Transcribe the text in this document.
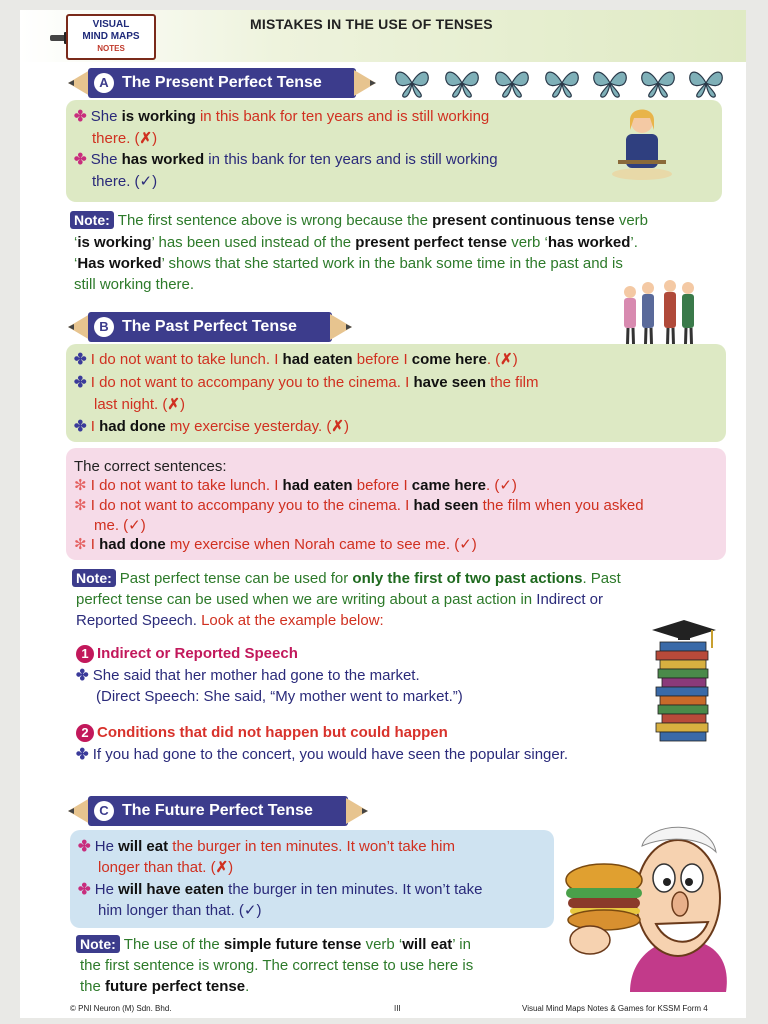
VISUAL
MIND MAPS
NOTES
MISTAKES IN THE USE OF TENSES
A The Present Perfect Tense
✤ She is working in this bank for ten years and is still working
there. (✗)
✤ She has worked in this bank for ten years and is still working
there. (✓)
Note: The first sentence above is wrong because the present continuous tense verb
‘is working’ has been used instead of the present perfect tense verb ‘has worked’.
‘Has worked’ shows that she started work in the bank some time in the past and is
still working there.
B The Past Perfect Tense
✤ I do not want to take lunch. I had eaten before I come here. (✗)
✤ I do not want to accompany you to the cinema. I have seen the film
last night. (✗)
✤ I had done my exercise yesterday. (✗)
The correct sentences:
✻ I do not want to take lunch. I had eaten before I came here. (✓)
✻ I do not want to accompany you to the cinema. I had seen the film when you asked
me. (✓)
✻ I had done my exercise when Norah came to see me. (✓)
Note: Past perfect tense can be used for only the first of two past actions. Past
perfect tense can be used when we are writing about a past action in Indirect or
Reported Speech. Look at the example below:
1 Indirect or Reported Speech
✤ She said that her mother had gone to the market.
(Direct Speech: She said, “My mother went to market.”)
2 Conditions that did not happen but could happen
✤ If you had gone to the concert, you would have seen the popular singer.
C The Future Perfect Tense
✤ He will eat the burger in ten minutes. It won’t take him
longer than that. (✗)
✤ He will have eaten the burger in ten minutes. It won’t take
him longer than that. (✓)
Note: The use of the simple future tense verb ‘will eat’ in
the first sentence is wrong. The correct tense to use here is
the future perfect tense.
© PNI Neuron (M) Sdn. Bhd.	III	Visual Mind Maps Notes & Games for KSSM Form 4
